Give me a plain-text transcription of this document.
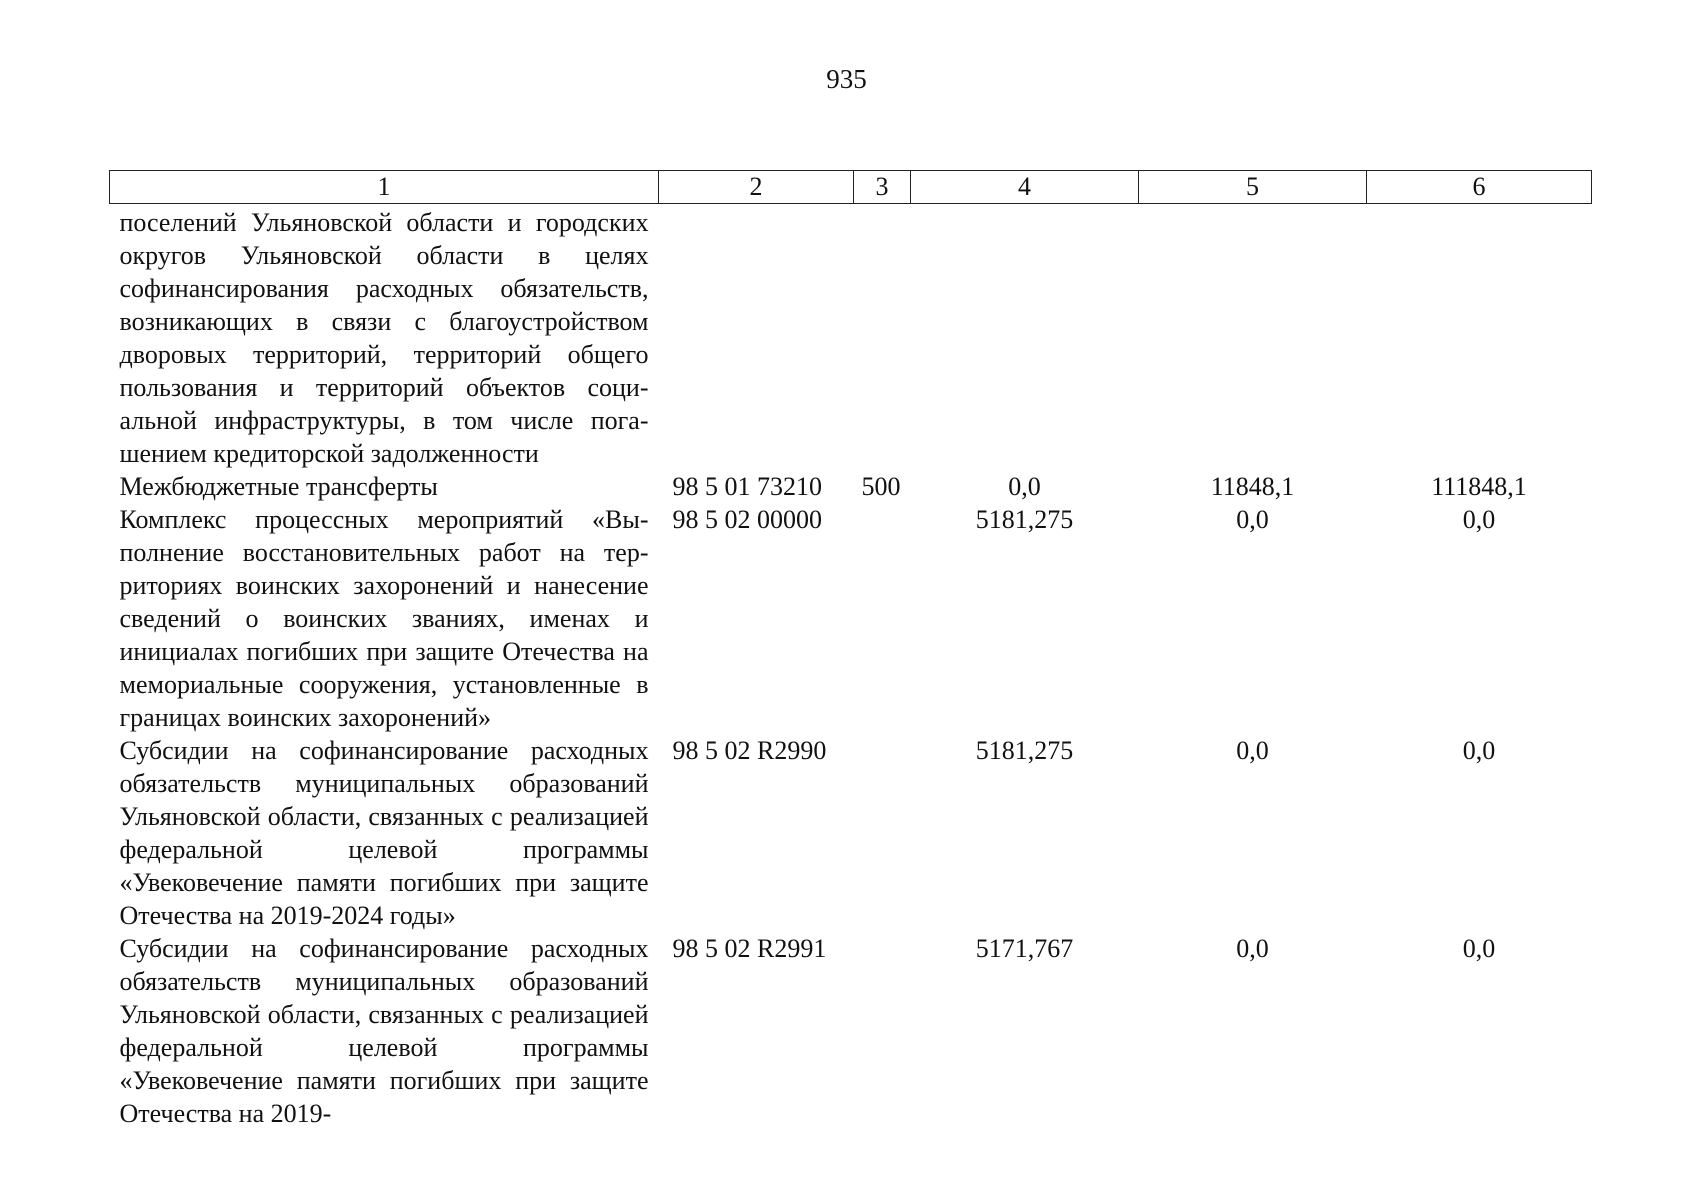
935
1	2	3	4	5	6

поселений Ульяновской области и городских округов Ульяновской области в целях софинансирования расходных обязательств, возникающих в связи с благоустройством дворовых территорий, территорий общего пользования и территорий объектов социальной инфраструктуры, в том числе погашением кредиторской задолженности					

Межбюджетные трансферты	98 5 01 73210	500	0,0	11848,1	111848,1

Комплекс процессных мероприятий «Выполнение восстановительных работ на территориях воинских захоронений и нанесение сведений о воинских званиях, именах и инициалах погибших при защите Отечества на мемориальные сооружения, установленные в границах воинских захоронений»	98 5 02 00000		5181,275	0,0	0,0

Субсидии на софинансирование расходных обязательств муниципальных образований Ульяновской области, связанных с реализацией федеральной целевой программы «Увековечение памяти погибших при защите Отечества на 2019-2024 годы»	98 5 02 R2990		5181,275	0,0	0,0

Субсидии на софинансирование расходных обязательств муниципальных образований Ульяновской области, связанных с реализацией федеральной целевой программы «Увековечение памяти погибших при защите Отечества на 2019-	98 5 02 R2991		5171,767	0,0	0,0
